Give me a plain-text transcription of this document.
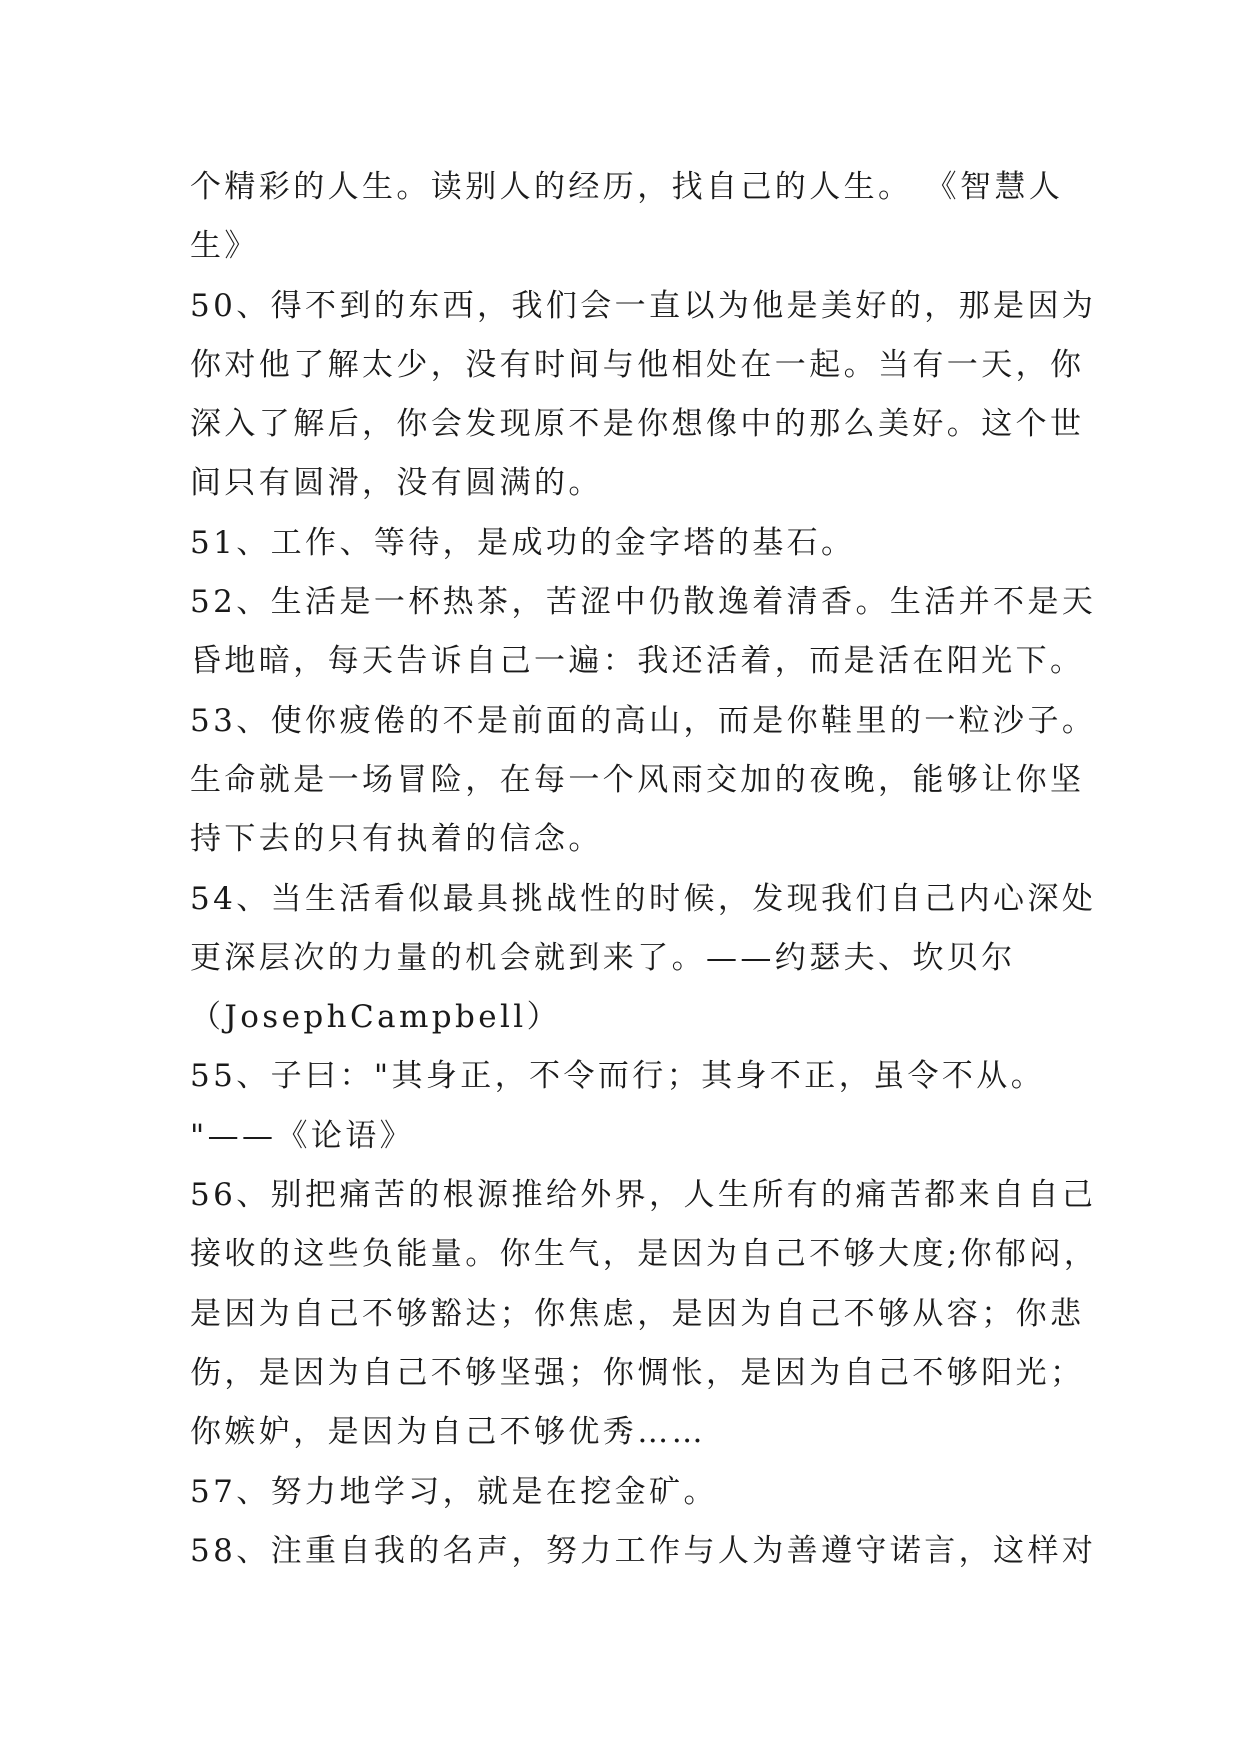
个精彩的人生。读别人的经历，找自己的人生。 《智慧人
生》
50、得不到的东西，我们会一直以为他是美好的，那是因为
你对他了解太少，没有时间与他相处在一起。当有一天，你
深入了解后，你会发现原不是你想像中的那么美好。这个世
间只有圆滑，没有圆满的。
51、工作、等待，是成功的金字塔的基石。
52、生活是一杯热茶，苦涩中仍散逸着清香。生活并不是天
昏地暗，每天告诉自己一遍：我还活着，而是活在阳光下。
53、使你疲倦的不是前面的高山，而是你鞋里的一粒沙子。
生命就是一场冒险，在每一个风雨交加的夜晚，能够让你坚
持下去的只有执着的信念。
54、当生活看似最具挑战性的时候，发现我们自己内心深处
更深层次的力量的机会就到来了。——约瑟夫、坎贝尔
（JosephCampbell）
55、子曰："其身正，不令而行；其身不正，虽令不从。
"——《论语》
56、别把痛苦的根源推给外界，人生所有的痛苦都来自自己
接收的这些负能量。你生气，是因为自己不够大度;你郁闷，
是因为自己不够豁达；你焦虑，是因为自己不够从容；你悲
伤，是因为自己不够坚强；你惆怅，是因为自己不够阳光；
你嫉妒，是因为自己不够优秀……
57、努力地学习，就是在挖金矿。
58、注重自我的名声，努力工作与人为善遵守诺言，这样对
